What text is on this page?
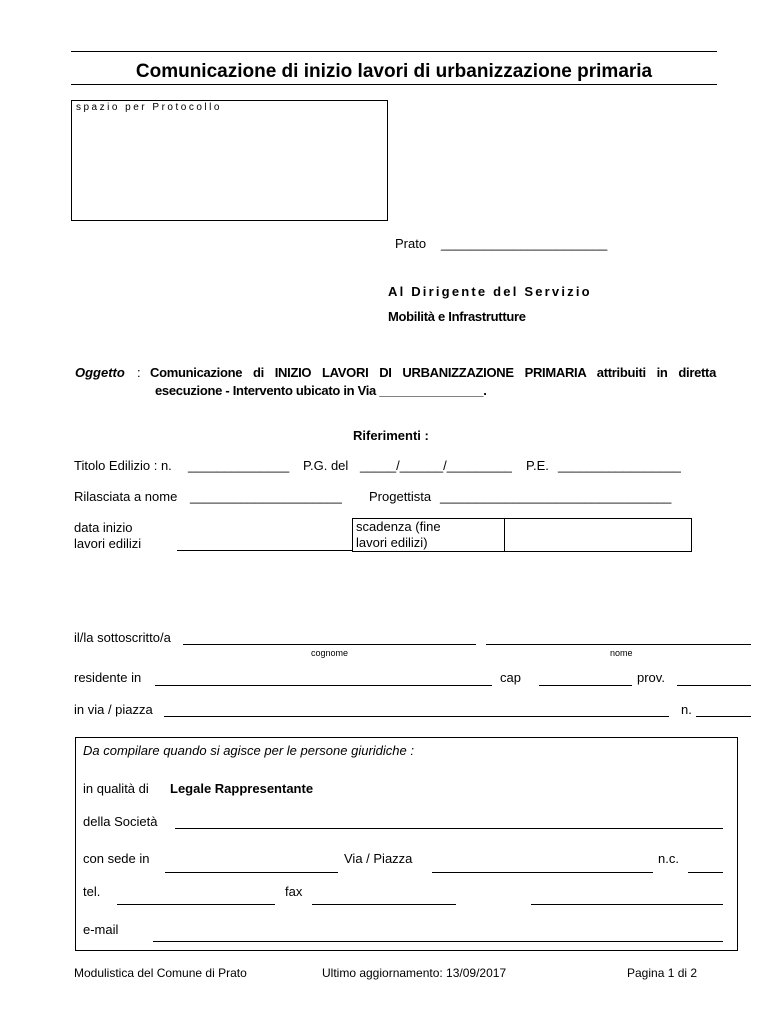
Comunicazione di inizio lavori di urbanizzazione primaria
spazio per Protocollo
Prato _______________________
Al Dirigente del Servizio
Mobilità e Infrastrutture
Oggetto : Comunicazione di INIZIO LAVORI DI URBANIZZAZIONE PRIMARIA attribuiti in diretta
esecuzione - Intervento ubicato in Via _______________.
Riferimenti :
Titolo Edilizio : n. ______________ P.G. del _____/______/_________ P.E. _________________
Rilasciata a nome _____________________ Progettista ________________________________
data inizio
lavori edilizi
scadenza (fine
lavori edilizi)
il/la sottoscritto/a
cognome	nome
residente in	cap	prov.
in via / piazza	n.
Da compilare quando si agisce per le persone giuridiche :
in qualità di Legale Rappresentante
della Società
con sede in	Via / Piazza	n.c.
tel.	fax
e-mail
Modulistica del Comune di Prato	Ultimo aggiornamento: 13/09/2017	Pagina 1 di 2
